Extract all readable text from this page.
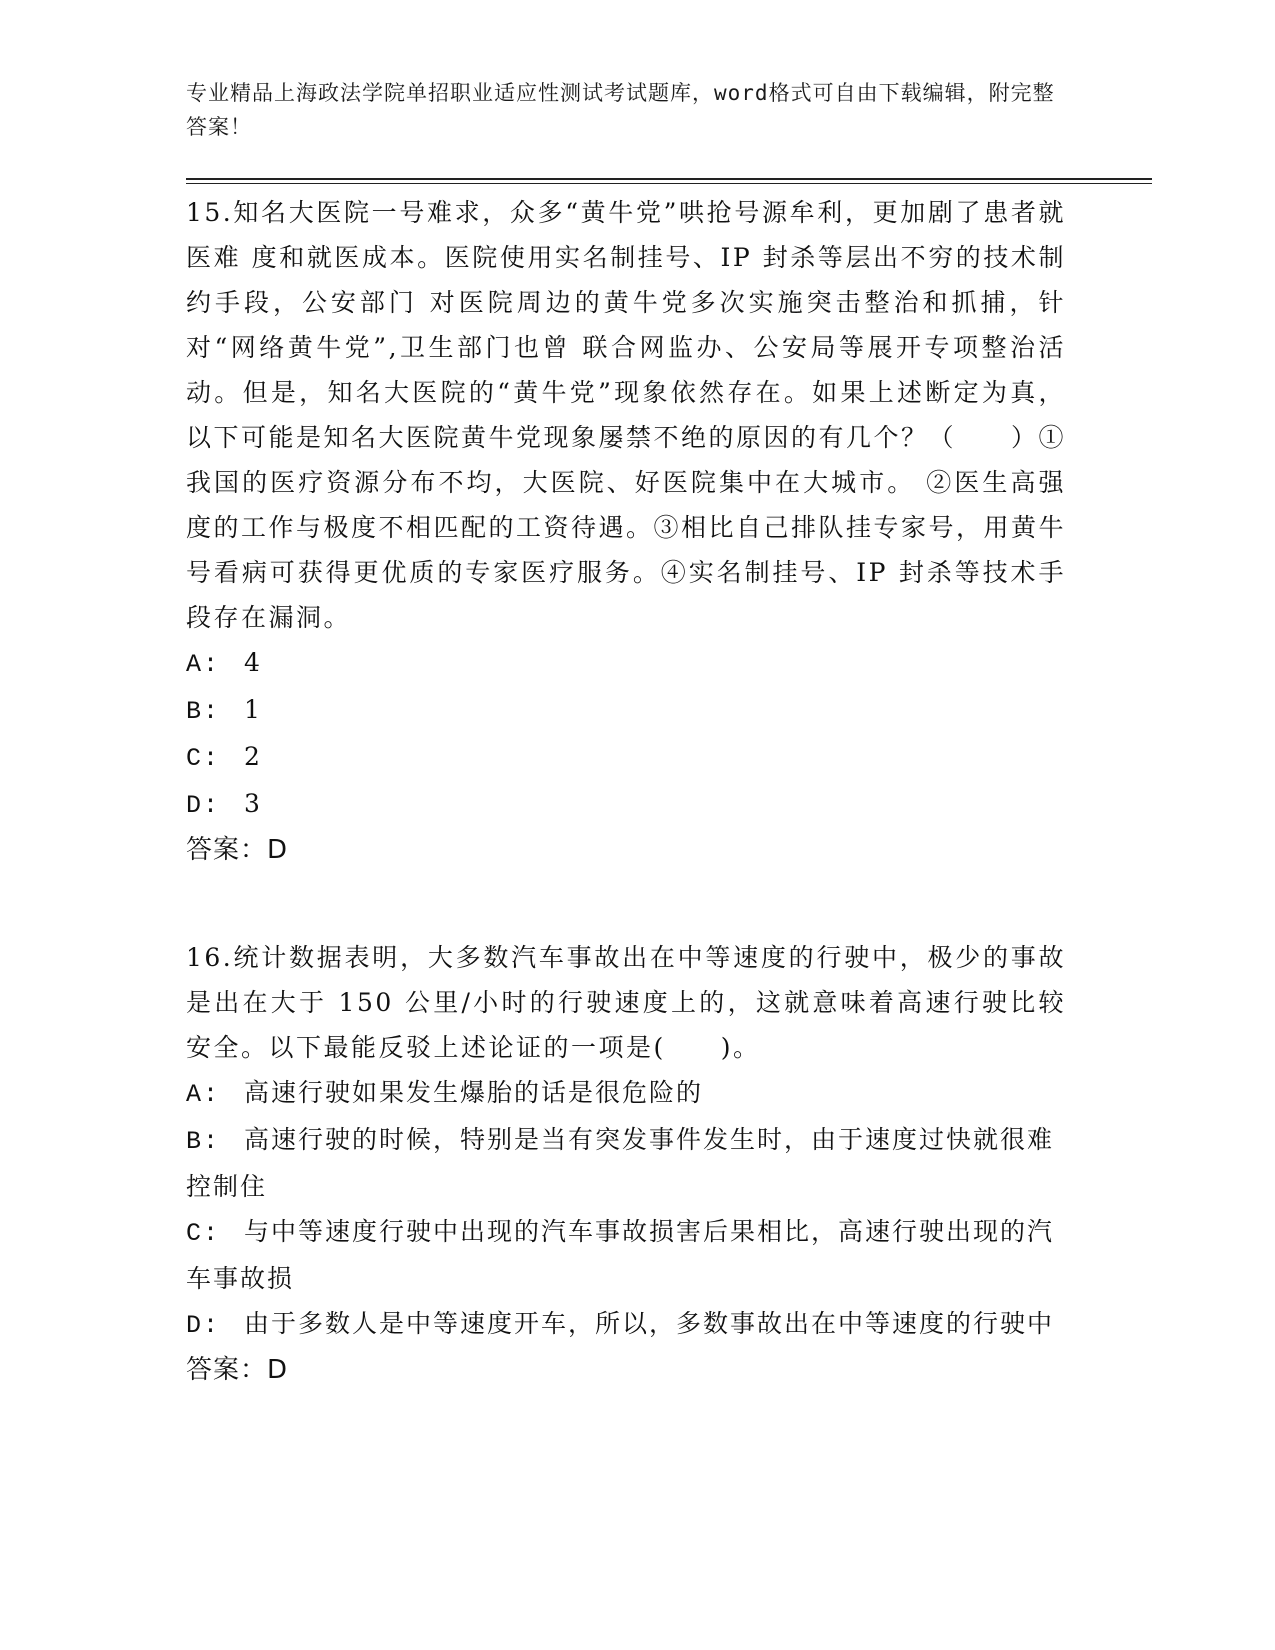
专业精品上海政法学院单招职业适应性测试考试题库，word格式可自由下载编辑，附完整答案！

15.知名大医院一号难求，众多“黄牛党”哄抢号源牟利，更加剧了患者就医难 度和就医成本。医院使用实名制挂号、IP 封杀等层出不穷的技术制约手段，公安部门 对医院周边的黄牛党多次实施突击整治和抓捕，针对“网络黄牛党”,卫生部门也曾 联合网监办、公安局等展开专项整治活动。但是，知名大医院的“黄牛党”现象依然存在。如果上述断定为真，以下可能是知名大医院黄牛党现象屡禁不绝的原因的有几个？（　　）①我国的医疗资源分布不均，大医院、好医院集中在大城市。 ②医生高强度的工作与极度不相匹配的工资待遇。③相比自己排队挂专家号，用黄牛号看病可获得更优质的专家医疗服务。④实名制挂号、IP 封杀等技术手段存在漏洞。

A: 4

B: 1

C: 2

D: 3

答案：D

16.统计数据表明，大多数汽车事故出在中等速度的行驶中，极少的事故是出在大于 150 公里/小时的行驶速度上的，这就意味着高速行驶比较安全。以下最能反驳上述论证的一项是(　　)。

A: 高速行驶如果发生爆胎的话是很危险的

B: 高速行驶的时候，特别是当有突发事件发生时，由于速度过快就很难控制住

C: 与中等速度行驶中出现的汽车事故损害后果相比，高速行驶出现的汽车事故损

D: 由于多数人是中等速度开车，所以，多数事故出在中等速度的行驶中

答案：D
